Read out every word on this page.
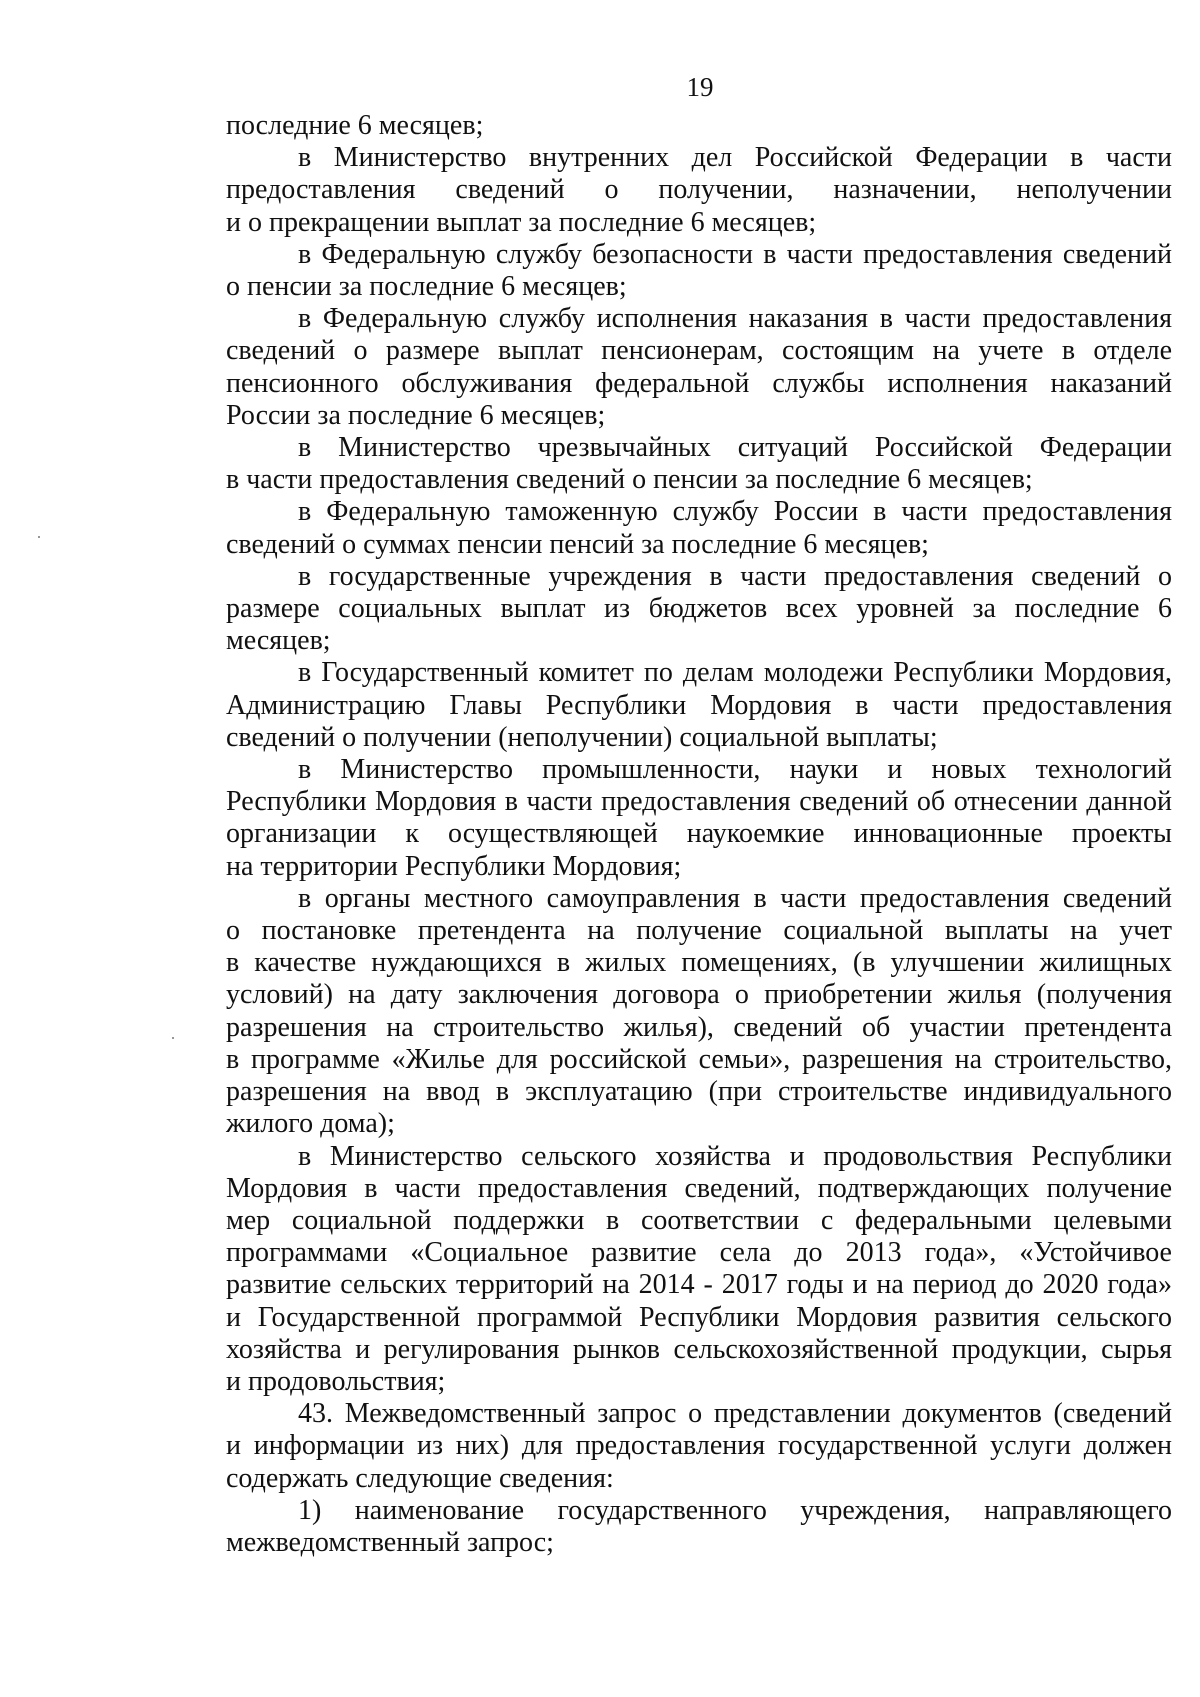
19
последние 6 месяцев;
в Министерство внутренних дел Российской Федерации в части
предоставления сведений о получении, назначении, неполучении
и о прекращении выплат за последние 6 месяцев;
в Федеральную службу безопасности в части предоставления сведений
о пенсии за последние 6 месяцев;
в Федеральную службу исполнения наказания в части предоставления
сведений о размере выплат пенсионерам, состоящим на учете в отделе
пенсионного обслуживания федеральной службы исполнения наказаний
России за последние 6 месяцев;
в Министерство чрезвычайных ситуаций Российской Федерации
в части предоставления сведений о пенсии за последние 6 месяцев;
в Федеральную таможенную службу России в части предоставления
сведений о суммах пенсии пенсий за последние 6 месяцев;
в государственные учреждения в части предоставления сведений о
размере социальных выплат из бюджетов всех уровней за последние 6
месяцев;
в Государственный комитет по делам молодежи Республики Мордовия,
Администрацию Главы Республики Мордовия в части предоставления
сведений о получении (неполучении) социальной выплаты;
в Министерство промышленности, науки и новых технологий
Республики Мордовия в части предоставления сведений об отнесении данной
организации к осуществляющей наукоемкие инновационные проекты
на территории Республики Мордовия;
в органы местного самоуправления в части предоставления сведений
о постановке претендента на получение социальной выплаты на учет
в качестве нуждающихся в жилых помещениях, (в улучшении жилищных
условий) на дату заключения договора о приобретении жилья (получения
разрешения на строительство жилья), сведений об участии претендента
в программе «Жилье для российской семьи», разрешения на строительство,
разрешения на ввод в эксплуатацию (при строительстве индивидуального
жилого дома);
в Министерство сельского хозяйства и продовольствия Республики
Мордовия в части предоставления сведений, подтверждающих получение
мер социальной поддержки в соответствии с федеральными целевыми
программами «Социальное развитие села до 2013 года», «Устойчивое
развитие сельских территорий на 2014 - 2017 годы и на период до 2020 года»
и Государственной программой Республики Мордовия развития сельского
хозяйства и регулирования рынков сельскохозяйственной продукции, сырья
и продовольствия;
43. Межведомственный запрос о представлении документов (сведений
и информации из них) для предоставления государственной услуги должен
содержать следующие сведения:
1) наименование государственного учреждения, направляющего
межведомственный запрос;
